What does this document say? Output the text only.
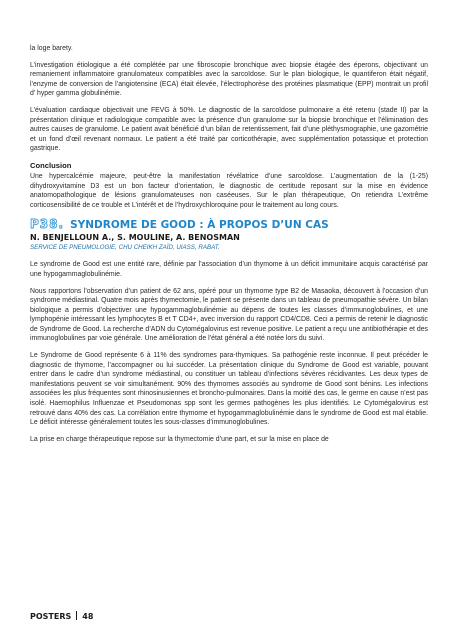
la loge barety.

L’investigation étiologique a été complétée par une fibroscopie bronchique avec biopsie étagée des éperons, objectivant un remaniement inflammatoire granulomateux compatibles avec la sarcoïdose. Sur le plan biologique, le quantiferon était négatif, l’enzyme de conversion de l’angiotensine (ECA) était élevée, l’électrophorèse des protéines plasmatique (EPP) montrait un profil d’ hyper gamma globulinémie.

L’évaluation cardiaque objectivait une FEVG à 50%. Le diagnostic de la sarcoïdose pulmonaire a été retenu (stade II) par la présentation clinique et radiologique compatible avec la présence d’un granulome sur la biopsie bronchique et l’élimination des autres causes de granulome. Le patient avait bénéficié d’un bilan de retentissement, fait d’une pléthysmographie, une gazométrie et un fond d’œil revenant normaux. Le patient a été traité par corticothérapie, avec supplémentation potassique et protection gastrique.

Conclusion

Une hypercalcémie majeure, peut-être la manifestation révélatrice d’une sarcoïdose. L’augmentation de la (1-25) dihydroxyvitamine D3 est un bon facteur d’orientation, le diagnostic de certitude reposant sur la mise en évidence anatomopathologique de lésions granulomateuses non caséeuses. Sur le plan thérapeutique, On retiendra L’extrême corticosensibilité de ce trouble et L’intérêt et de l’hydroxychloroquine pour le traitement au long cours.

P38. SYNDROME DE GOOD : À PROPOS D’UN CAS
N. BENJELLOUN A., S. MOULINE, A. BENOSMAN
SERVICE DE PNEUMOLOGIE, CHU CHEIKH ZAÏD, UIASS, RABAT.

Le syndrome de Good est une entité rare, définie par l’association d’un thymome à un déficit immunitaire acquis caractérisé par une hypogammaglobulinémie.

Nous rapportons l’observation d’un patient de 62 ans, opéré pour un thymome type B2 de Masaoka, découvert à l’occasion d’un syndrome médiastinal. Quatre mois après thymectomie, le patient se présente dans un tableau de pneumopathie sévère. Un bilan biologique a permis d’objectiver une hypogammaglobulinémie au dépens de toutes les classes d’immunoglobulines, et une lymphopénie intéressant les lymphocytes B et T CD4+, avec inversion du rapport CD4/CD8. Ceci a permis de retenir le diagnostic de Syndrome de Good. La recherche d’ADN du Cytomégalovirus est revenue positive. Le patient a reçu une antibiothérapie et des immunoglobulines par voie générale. Une amélioration de l’état général a été notée lors du suivi.

Le Syndrome de Good représente 6 à 11% des syndromes para-thymiques. Sa pathogénie reste inconnue. Il peut précéder le diagnostic de thymome, l’accompagner ou lui succéder. La présentation clinique du Syndrome de Good est variable, pouvant entrer dans le cadre d’un syndrome médiastinal, ou constituer un tableau d’infections sévères récidivantes. Les deux types de manifestations peuvent se voir simultanément. 90% des thymomes associés au syndrome de Good sont bénins. Les infections associées les plus fréquentes sont rhinosinusiennes et broncho-pulmonaires. Dans la moitié des cas, le germe en cause n’est pas isolé. Haemophilus Influenzae et Pseudomonas spp sont les germes pathogènes les plus identifiés. Le Cytomégalovirus est retrouvé dans 40% des cas. La corrélation entre thymome et hypogammaglobulinémie dans le syndrome de Good est mal établie. Le déficit intéresse généralement toutes les sous-classes d’immunoglobulines.

La prise en charge thérapeutique repose sur la thymectomie d’une part, et sur la mise en place de

POSTERS 48
